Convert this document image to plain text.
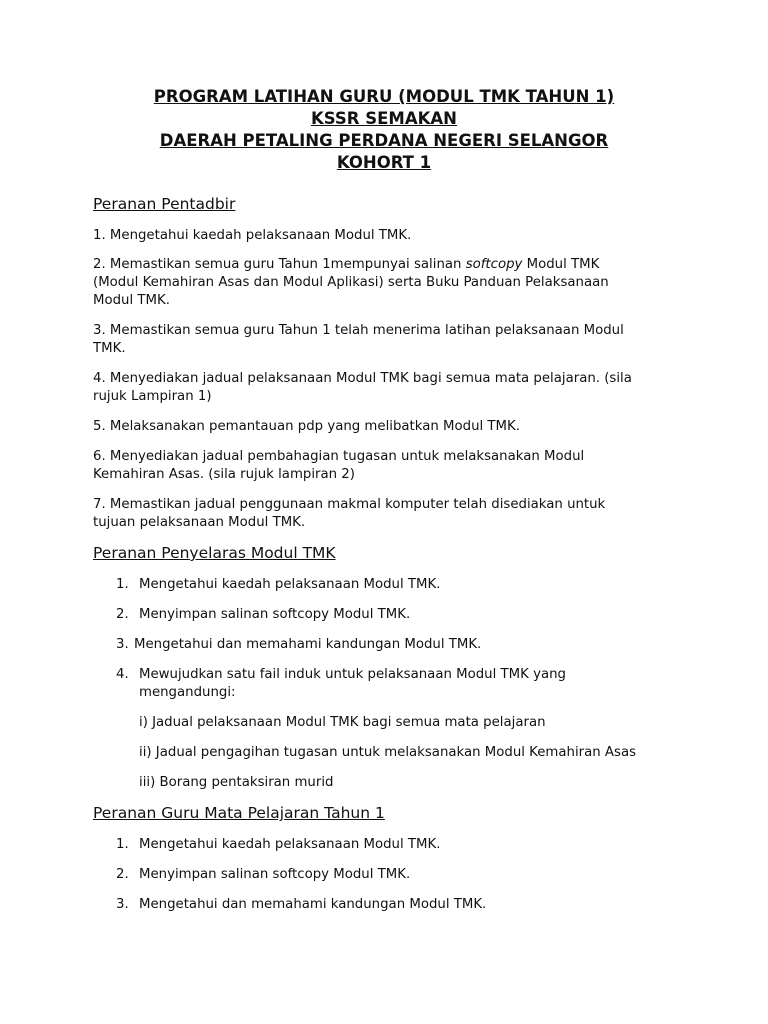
PROGRAM LATIHAN GURU (MODUL TMK TAHUN 1)
KSSR SEMAKAN
DAERAH PETALING PERDANA NEGERI SELANGOR
KOHORT 1
Peranan Pentadbir

1. Mengetahui kaedah pelaksanaan Modul TMK.

2. Memastikan semua guru Tahun 1mempunyai salinan softcopy Modul TMK
(Modul Kemahiran Asas dan Modul Aplikasi) serta Buku Panduan Pelaksanaan
Modul TMK.

3. Memastikan semua guru Tahun 1 telah menerima latihan pelaksanaan Modul
TMK.

4. Menyediakan jadual pelaksanaan Modul TMK bagi semua mata pelajaran. (sila
rujuk Lampiran 1)

5. Melaksanakan pemantauan pdp yang melibatkan Modul TMK.

6. Menyediakan jadual pembahagian tugasan untuk melaksanakan Modul
Kemahiran Asas. (sila rujuk lampiran 2)

7. Memastikan jadual penggunaan makmal komputer telah disediakan untuk
tujuan pelaksanaan Modul TMK.

Peranan Penyelaras Modul TMK
1. Mengetahui kaedah pelaksanaan Modul TMK.
2. Menyimpan salinan softcopy Modul TMK.
3. Mengetahui dan memahami kandungan Modul TMK.
4. Mewujudkan satu fail induk untuk pelaksanaan Modul TMK yang
mengandungi:
i) Jadual pelaksanaan Modul TMK bagi semua mata pelajaran
ii) Jadual pengagihan tugasan untuk melaksanakan Modul Kemahiran Asas
iii) Borang pentaksiran murid
Peranan Guru Mata Pelajaran Tahun 1
1. Mengetahui kaedah pelaksanaan Modul TMK.
2. Menyimpan salinan softcopy Modul TMK.
3. Mengetahui dan memahami kandungan Modul TMK.
